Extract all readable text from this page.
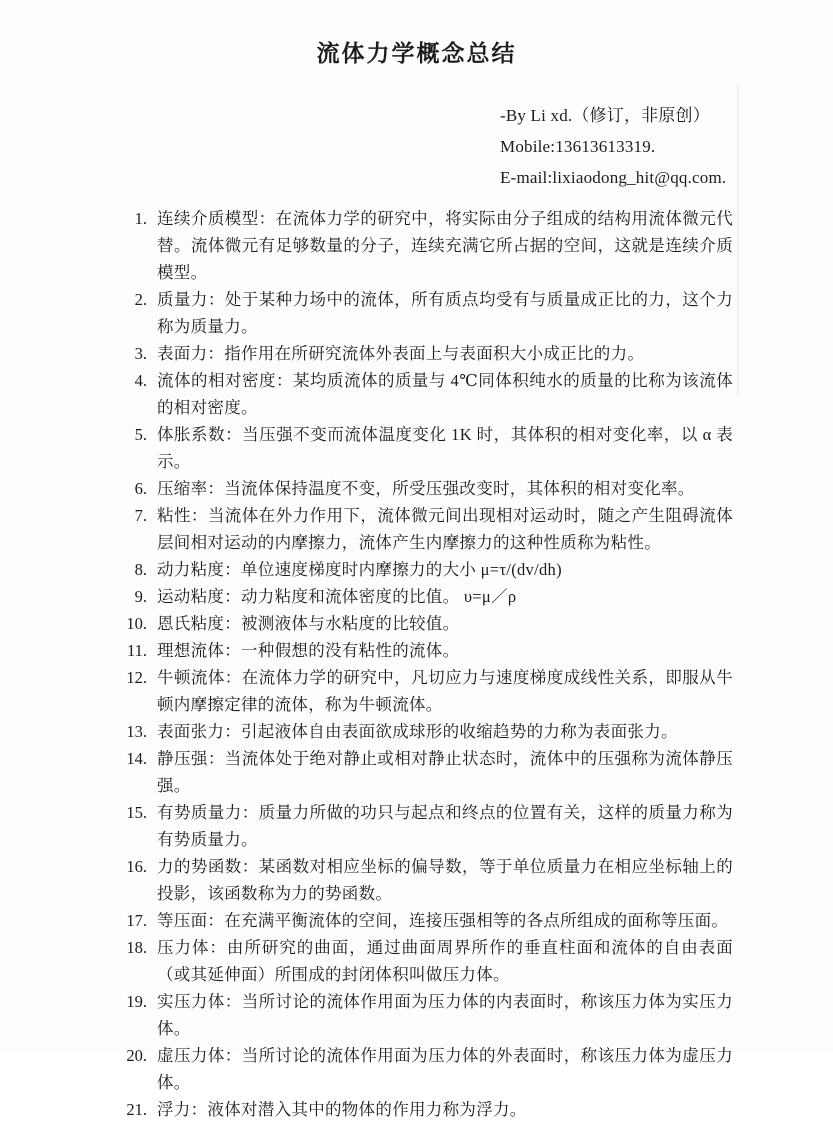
流体力学概念总结
-By Li xd.（修订，非原创）
Mobile:13613613319.
E-mail:lixiaodong_hit@qq.com.
1. 连续介质模型：在流体力学的研究中，将实际由分子组成的结构用流体微元代替。流体微元有足够数量的分子，连续充满它所占据的空间，这就是连续介质模型。
2. 质量力：处于某种力场中的流体，所有质点均受有与质量成正比的力，这个力称为质量力。
3. 表面力：指作用在所研究流体外表面上与表面积大小成正比的力。
4. 流体的相对密度：某均质流体的质量与 4℃同体积纯水的质量的比称为该流体的相对密度。
5. 体胀系数：当压强不变而流体温度变化 1K 时，其体积的相对变化率，以 α 表示。
6. 压缩率：当流体保持温度不变，所受压强改变时，其体积的相对变化率。
7. 粘性：当流体在外力作用下，流体微元间出现相对运动时，随之产生阻碍流体层间相对运动的内摩擦力，流体产生内摩擦力的这种性质称为粘性。
8. 动力粘度：单位速度梯度时内摩擦力的大小 μ=τ/(dv/dh)
9. 运动粘度：动力粘度和流体密度的比值。 υ=μ／ρ
10. 恩氏粘度：被测液体与水粘度的比较值。
11. 理想流体：一种假想的没有粘性的流体。
12. 牛顿流体：在流体力学的研究中，凡切应力与速度梯度成线性关系，即服从牛顿内摩擦定律的流体，称为牛顿流体。
13. 表面张力：引起液体自由表面欲成球形的收缩趋势的力称为表面张力。
14. 静压强：当流体处于绝对静止或相对静止状态时，流体中的压强称为流体静压强。
15. 有势质量力：质量力所做的功只与起点和终点的位置有关，这样的质量力称为有势质量力。
16. 力的势函数：某函数对相应坐标的偏导数，等于单位质量力在相应坐标轴上的投影，该函数称为力的势函数。
17. 等压面：在充满平衡流体的空间，连接压强相等的各点所组成的面称等压面。
18. 压力体：由所研究的曲面，通过曲面周界所作的垂直柱面和流体的自由表面（或其延伸面）所围成的封闭体积叫做压力体。
19. 实压力体：当所讨论的流体作用面为压力体的内表面时，称该压力体为实压力体。
20. 虚压力体：当所讨论的流体作用面为压力体的外表面时，称该压力体为虚压力体。
21. 浮力：液体对潜入其中的物体的作用力称为浮力。
